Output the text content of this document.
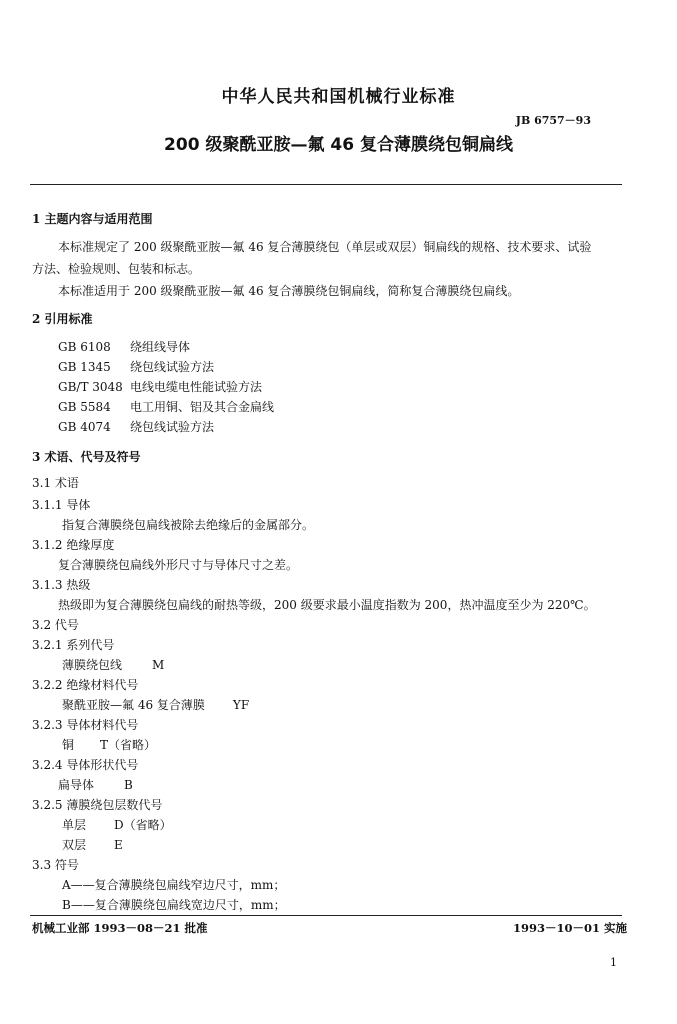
中华人民共和国机械行业标准
JB 6757－93
200 级聚酰亚胺—氟 46 复合薄膜绕包铜扁线
1 主题内容与适用范围
本标准规定了 200 级聚酰亚胺—氟 46 复合薄膜绕包（单层或双层）铜扁线的规格、技术要求、试验
方法、检验规则、包装和标志。
本标准适用于 200 级聚酰亚胺—氟 46 复合薄膜绕包铜扁线，简称复合薄膜绕包扁线。
2 引用标准
GB 6108 绕组线导体
GB 1345 绕包线试验方法
GB/T 3048 电线电缆电性能试验方法
GB 5584 电工用铜、铝及其合金扁线
GB 4074 绕包线试验方法
3 术语、代号及符号
3.1 术语
3.1.1 导体
指复合薄膜绕包扁线被除去绝缘后的金属部分。
3.1.2 绝缘厚度
复合薄膜绕包扁线外形尺寸与导体尺寸之差。
3.1.3 热级
热级即为复合薄膜绕包扁线的耐热等级，200 级要求最小温度指数为 200，热冲温度至少为 220℃。
3.2 代号
3.2.1 系列代号
薄膜绕包线 M
3.2.2 绝缘材料代号
聚酰亚胺—氟 46 复合薄膜 YF
3.2.3 导体材料代号
铜 T（省略）
3.2.4 导体形状代号
扁导体 B
3.2.5 薄膜绕包层数代号
单层 D（省略）
双层 E
3.3 符号
A——复合薄膜绕包扁线窄边尺寸，mm；
B——复合薄膜绕包扁线宽边尺寸，mm；
机械工业部 1993－08－21 批准	1993－10－01 实施
1
